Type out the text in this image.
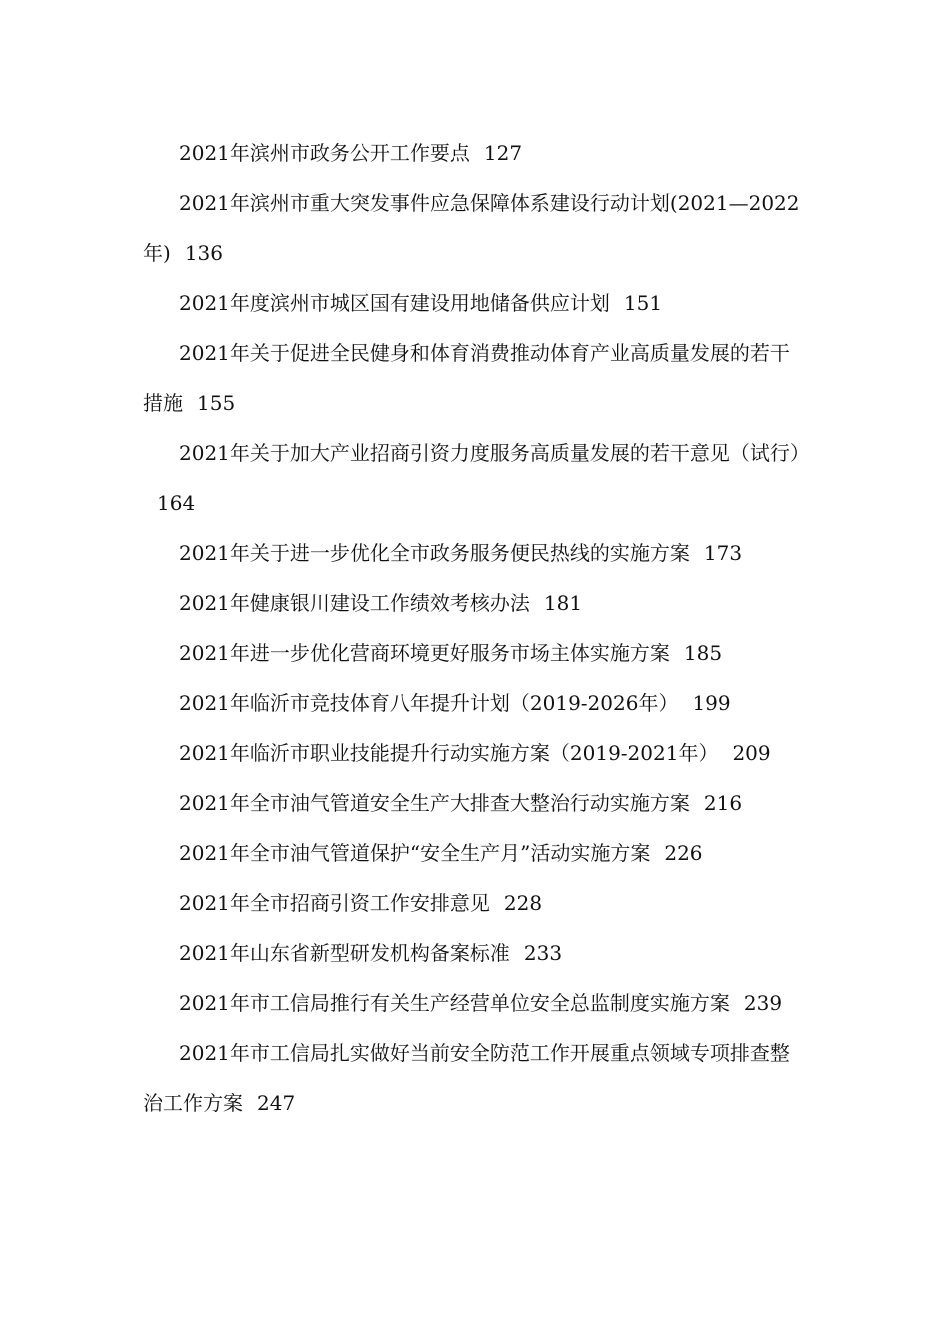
2021年滨州市政务公开工作要点 127

2021年滨州市重大突发事件应急保障体系建设行动计划(2021—2022年) 136

2021年度滨州市城区国有建设用地储备供应计划 151

2021年关于促进全民健身和体育消费推动体育产业高质量发展的若干措施 155

2021年关于加大产业招商引资力度服务高质量发展的若干意见（试行）164

2021年关于进一步优化全市政务服务便民热线的实施方案 173

2021年健康银川建设工作绩效考核办法 181

2021年进一步优化营商环境更好服务市场主体实施方案 185

2021年临沂市竞技体育八年提升计划（2019-2026年） 199

2021年临沂市职业技能提升行动实施方案（2019-2021年） 209

2021年全市油气管道安全生产大排查大整治行动实施方案 216

2021年全市油气管道保护“安全生产月”活动实施方案 226

2021年全市招商引资工作安排意见 228

2021年山东省新型研发机构备案标准 233

2021年市工信局推行有关生产经营单位安全总监制度实施方案 239

2021年市工信局扎实做好当前安全防范工作开展重点领域专项排查整治工作方案 247
